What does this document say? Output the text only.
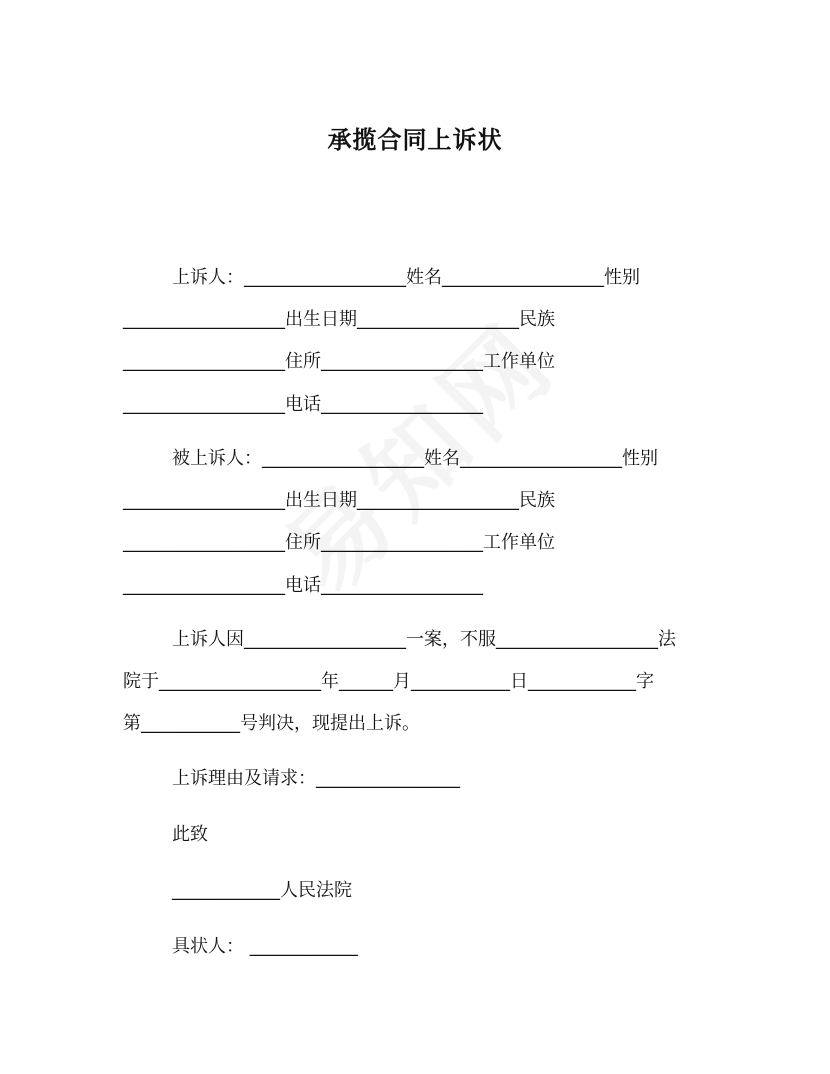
承揽合同上诉状
上诉人：__________________姓名__________________性别
__________________出生日期__________________民族
__________________住所__________________工作单位
__________________电话__________________
被上诉人：__________________姓名__________________性别
__________________出生日期__________________民族
__________________住所__________________工作单位
__________________电话__________________
上诉人因__________________一案，不服__________________法
院于__________________年______月___________日____________字
第___________号判决，现提出上诉。
上诉理由及请求：________________
此致
____________人民法院
具状人： ____________
